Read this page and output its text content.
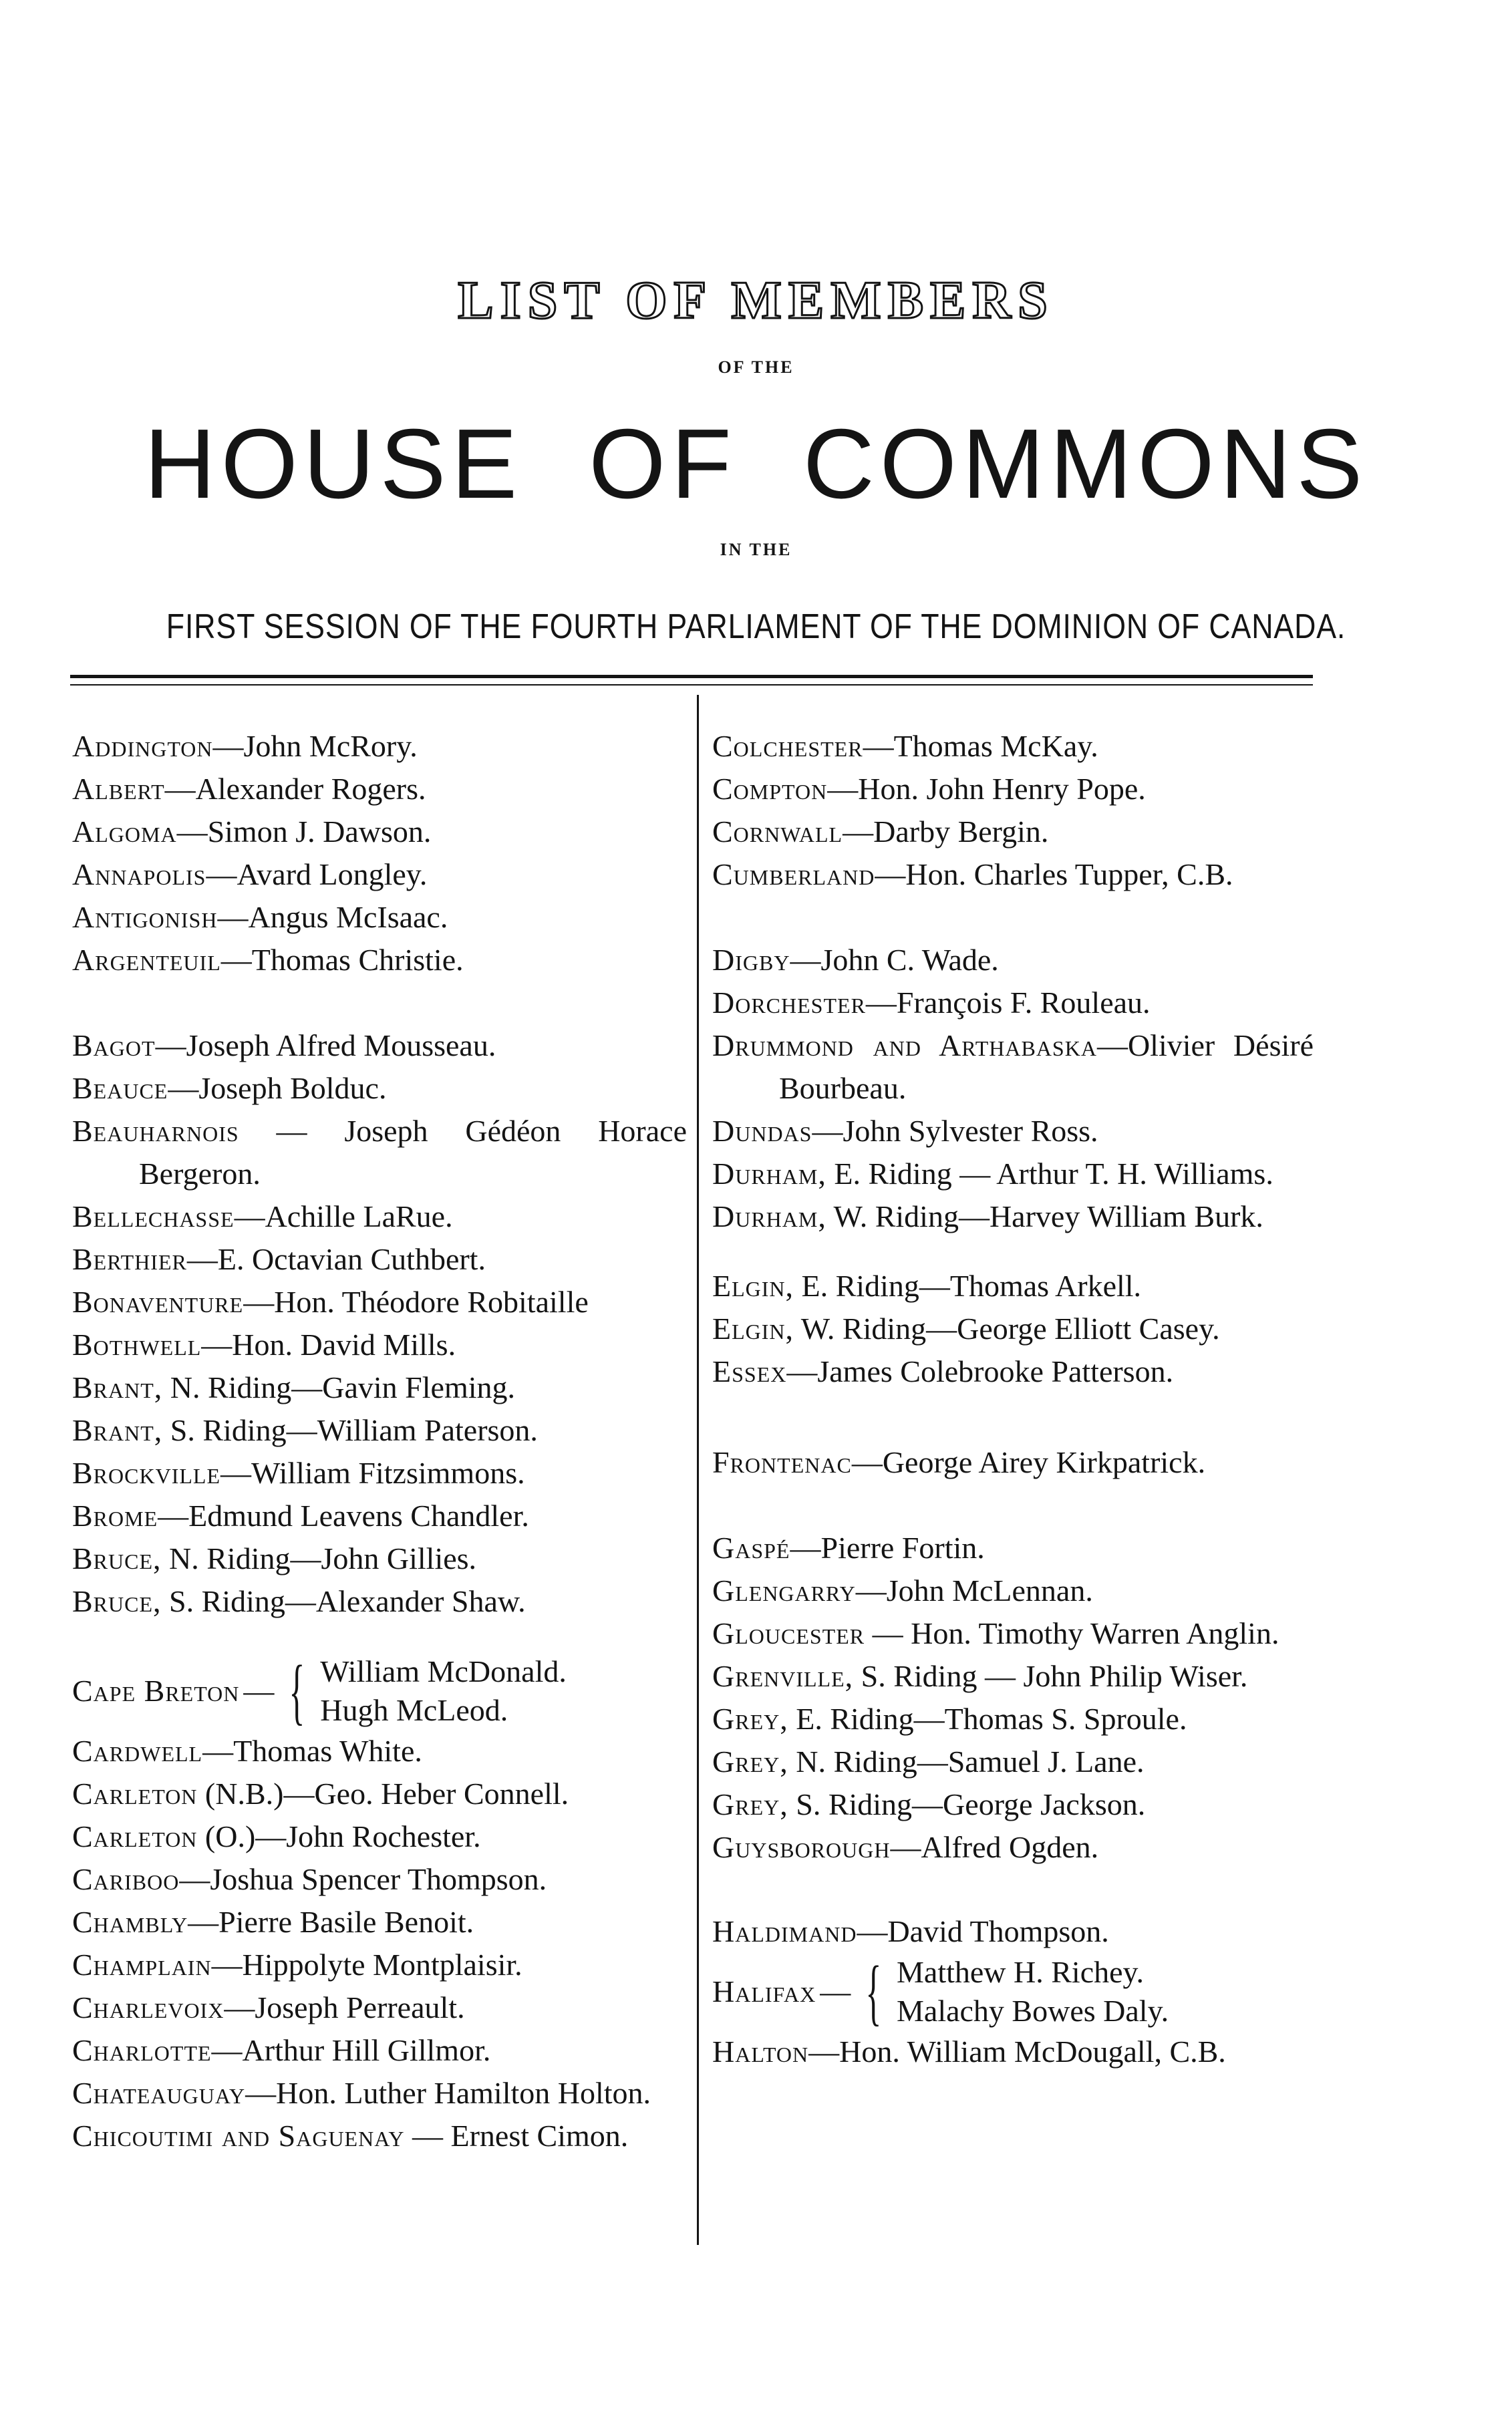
LIST OF MEMBERS
OF THE
HOUSE OF COMMONS
IN THE
FIRST SESSION OF THE FOURTH PARLIAMENT OF THE DOMINION OF CANADA.
Addington—John McRory.
Albert—Alexander Rogers.
Algoma—Simon J. Dawson.
Annapolis—Avard Longley.
Antigonish—Angus McIsaac.
Argenteuil—Thomas Christie.
Bagot—Joseph Alfred Mousseau.
Beauce—Joseph Bolduc.
Beauharnois — Joseph Gédéon Horace Bergeron.
Bellechasse—Achille LaRue.
Berthier—E. Octavian Cuthbert.
Bonaventure—Hon. Théodore Robitaille
Bothwell—Hon. David Mills.
Brant, N. Riding—Gavin Fleming.
Brant, S. Riding—William Paterson.
Brockville—William Fitzsimmons.
Brome—Edmund Leavens Chandler.
Bruce, N. Riding—John Gillies.
Bruce, S. Riding—Alexander Shaw.
Cape Breton — { William McDonald.
Hugh McLeod.
Cardwell—Thomas White.
Carleton (N.B.)—Geo. Heber Connell.
Carleton (O.)—John Rochester.
Cariboo—Joshua Spencer Thompson.
Chambly—Pierre Basile Benoit.
Champlain—Hippolyte Montplaisir.
Charlevoix—Joseph Perreault.
Charlotte—Arthur Hill Gillmor.
Chateauguay—Hon. Luther Hamilton Holton.
Chicoutimi and Saguenay — Ernest Cimon.
Colchester—Thomas McKay.
Compton—Hon. John Henry Pope.
Cornwall—Darby Bergin.
Cumberland—Hon. Charles Tupper, C.B.
Digby—John C. Wade.
Dorchester—François F. Rouleau.
Drummond and Arthabaska—Olivier Désiré Bourbeau.
Dundas—John Sylvester Ross.
Durham, E. Riding — Arthur T. H. Williams.
Durham, W. Riding—Harvey William Burk.
Elgin, E. Riding—Thomas Arkell.
Elgin, W. Riding—George Elliott Casey.
Essex—James Colebrooke Patterson.
Frontenac—George Airey Kirkpatrick.
Gaspé—Pierre Fortin.
Glengarry—John McLennan.
Gloucester — Hon. Timothy Warren Anglin.
Grenville, S. Riding — John Philip Wiser.
Grey, E. Riding—Thomas S. Sproule.
Grey, N. Riding—Samuel J. Lane.
Grey, S. Riding—George Jackson.
Guysborough—Alfred Ogden.
Haldimand—David Thompson.
Halifax — { Matthew H. Richey.
Malachy Bowes Daly.
Halton—Hon. William McDougall, C.B.
